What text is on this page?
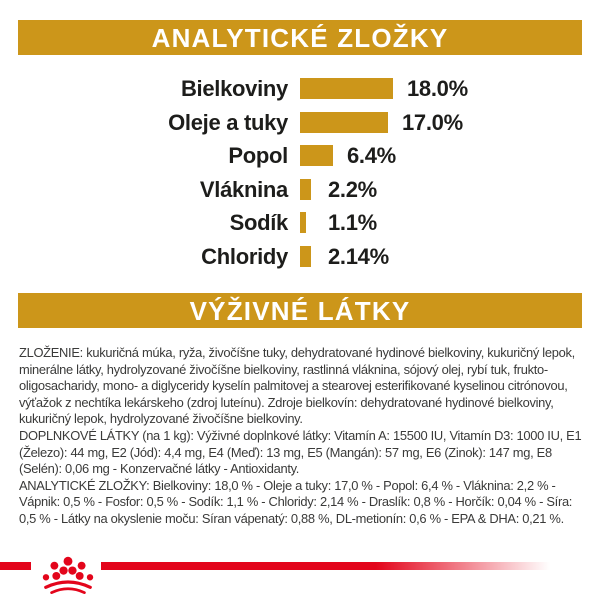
ANALYTICKÉ ZLOŽKY
Bielkoviny	18.0%
Oleje a tuky	17.0%
Popol	6.4%
Vláknina 2.2%
Sodík 1.1%
Chloridy 2.14%
VÝŽIVNÉ LÁTKY

ZLOŽENIE: kukuričná múka, ryža, živočíšne tuky, dehydratované hydinové bielkoviny, kukuričný lepok, minerálne látky, hydrolyzované živočíšne bielkoviny, rastlinná vláknina, sójový olej, rybí tuk, frukto-oligosacharidy, mono- a diglyceridy kyselín palmitovej a stearovej esterifikované kyselinou citrónovou, výťažok z nechtíka lekárskeho (zdroj luteínu). Zdroje bielkovín: dehydratované hydinové bielkoviny, kukuričný lepok, hydrolyzované živočíšne bielkoviny.

DOPLNKOVÉ LÁTKY (na 1 kg): Výživné doplnkové látky: Vitamín A: 15500 IU, Vitamín D3: 1000 IU, E1 (Železo): 44 mg, E2 (Jód): 4,4 mg, E4 (Meď): 13 mg, E5 (Mangán): 57 mg, E6 (Zinok): 147 mg, E8 (Selén): 0,06 mg - Konzervačné látky - Antioxidanty.

ANALYTICKÉ ZLOŽKY: Bielkoviny: 18,0 % - Oleje a tuky: 17,0 % - Popol: 6,4 % - Vláknina: 2,2 % - Vápnik: 0,5 % - Fosfor: 0,5 % - Sodík: 1,1 % - Chloridy: 2,14 % - Draslík: 0,8 % - Horčík: 0,04 % - Síra: 0,5 % - Látky na okyslenie moču: Síran vápenatý: 0,88 %, DL-metionín: 0,6 % - EPA & DHA: 0,21 %.
